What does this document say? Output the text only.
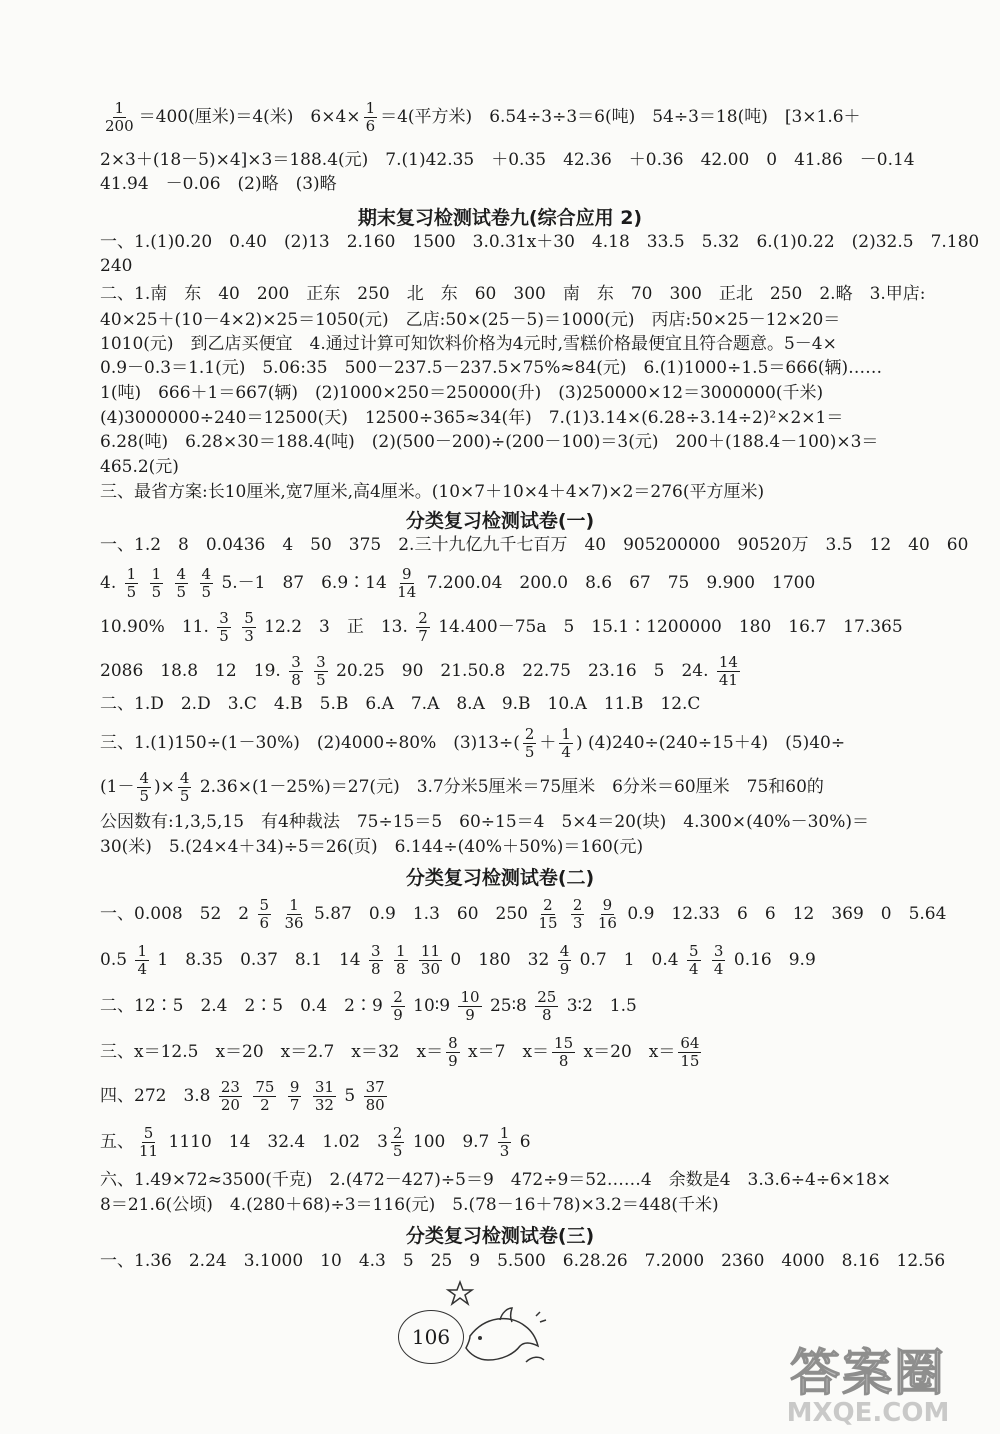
$\frac{1}{200} =400$(厘米)＝4(米)　$6\times 4\times \frac{1}{6} =4$(平方米)　6.54÷3÷3＝6(吨)　54÷3＝18(吨)　[3×1.6＋
2×3＋(18－5)×4]×3＝188.4(元)　7.(1)42.35　＋0.35　42.36　＋0.36　42.00　0　41.86　－0.14
41.94　－0.06　(2)略　(3)略
期末复习检测试卷九(综合应用 2)
一、1.(1)0.20　0.40　(2)13　2.160　1500　3.0.31x＋30　4.18　33.5　5.32　6.(1)0.22　(2)32.5　7.180
240
二、1.南　东　40　200　正东　250　北　东　60　300　南　东　70　300　正北　250　2.略　3.甲店:
40×25＋(10－4×2)×25＝1050(元)　乙店:50×(25－5)＝1000(元)　丙店:50×25－12×20＝
1010(元)　到乙店买便宜　4.通过计算可知饮料价格为4元时,雪糕价格最便宜且符合题意。5－4×
0.9－0.3＝1.1(元)　5.06:35　500－237.5－237.5×75%≈84(元)　6.(1)1000÷1.5＝666(辆)……
1(吨)　666＋1＝667(辆)　(2)1000×250＝250000(升)　(3)250000×12＝3000000(千米)
(4)3000000÷240＝12500(天)　12500÷365≈34(年)　7.(1)3.14×(6.28÷3.14÷2)²×2×1＝
6.28(吨)　6.28×30＝188.4(吨)　(2)(500－200)÷(200－100)＝3(元)　200＋(188.4－100)×3＝
465.2(元)
三、最省方案:长10厘米,宽7厘米,高4厘米。(10×7＋10×4＋4×7)×2＝276(平方厘米)
分类复习检测试卷(一)
一、1.2　8　0.0436　4　50　375　2.三十九亿九千七百万　40　905200000　90520万　3.5　12　40　60
4. $\frac{1}{5}$
$\frac{1}{5}$
$\frac{4}{5}$
$\frac{4}{5} 5.-1$　87　6.9∶14 $\frac{9}{14} 7.200.04$　200.0　8.6　67　75　9.900　1700
10.90%　11. $\frac{3}{5}$
$\frac{5}{3} 12.2$　3　正　13. $\frac{2}{7} 14.400-75a$　5　15.1∶1200000　180　16.7　17.365
2086　18.8　12　19. $\frac{3}{8}$
$\frac{3}{5} 20.25$　90　21.50.8　22.75　23.16　5　24. $\frac{14}{41}$
二、1.D　2.D　3.C　4.B　5.B　6.A　7.A　8.A　9.B　10.A　11.B　12.C
三、1.(1)150÷(1－30%)　(2)4000÷80%　$(3)13\div( \frac{2}{5} + \frac{1}{4}$ ) (4)240÷(240÷15＋4)　(5)40÷
($1- \frac{4}{5}$ )× $\frac{4}{5} 2.36\times(1-25\%)=27$(元)　3.7分米5厘米＝75厘米　6分米＝60厘米　75和60的
公因数有:1,3,5,15　有4种裁法　75÷15＝5　60÷15＝4　5×4＝20(块)　4.300×(40%－30%)＝
30(米)　5.(24×4＋34)÷5＝26(页)　6.144÷(40%＋50%)＝160(元)
分类复习检测试卷(二)
一、0.008　52　$2 \frac{5}{6}$
$\frac{1}{36} 5.87$　0.9　1.3　60　$250 \frac{2}{15}$
$\frac{2}{3}$
$\frac{9}{16} 0.9$　12.33　6　6　12　369　0　5.64
$0.5 \frac{1}{4} 1$　8.35　0.37　8.1　$14 \frac{3}{8}$
$\frac{1}{8}$
$\frac{11}{30} 0$　180　$32 \frac{4}{9} 0.7$　1　$0.4 \frac{5}{4}$
$\frac{3}{4} 0.16$　9.9
二、12∶5　2.4　2∶5　0.4　2∶9 $\frac{2}{9}$ 10∶9 $\frac{10}{9}$ 25∶8 $\frac{25}{8}$ 3∶2　1.5
三、x＝12.5　x＝20　x＝2.7　x＝32　$x= \frac{8}{9} x=7$　$x= \frac{15}{8} x=20$　$x= \frac{64}{15}$
四、272　$3.8 \frac{23}{20}$
$\frac{75}{2}$
$\frac{9}{7}$
$\frac{31}{32} 5 \frac{37}{80}$
五、 $\frac{5}{11} 1110$　14　32.4　1.02　$3 \frac{2}{5} 100$　$9.7 \frac{1}{3} 6$
六、1.49×72≈3500(千克)　2.(472－427)÷5＝9　472÷9＝52……4　余数是4　3.3.6÷4÷6×18×
8＝21.6(公顷)　4.(280＋68)÷3＝116(元)　5.(78－16＋78)×3.2＝448(千米)
分类复习检测试卷(三)
一、1.36　2.24　3.1000　10　4.3　5　25　9　5.500　6.28.26　7.2000　2360　4000　8.16　12.56
106
答案圈
MXQE.COM
